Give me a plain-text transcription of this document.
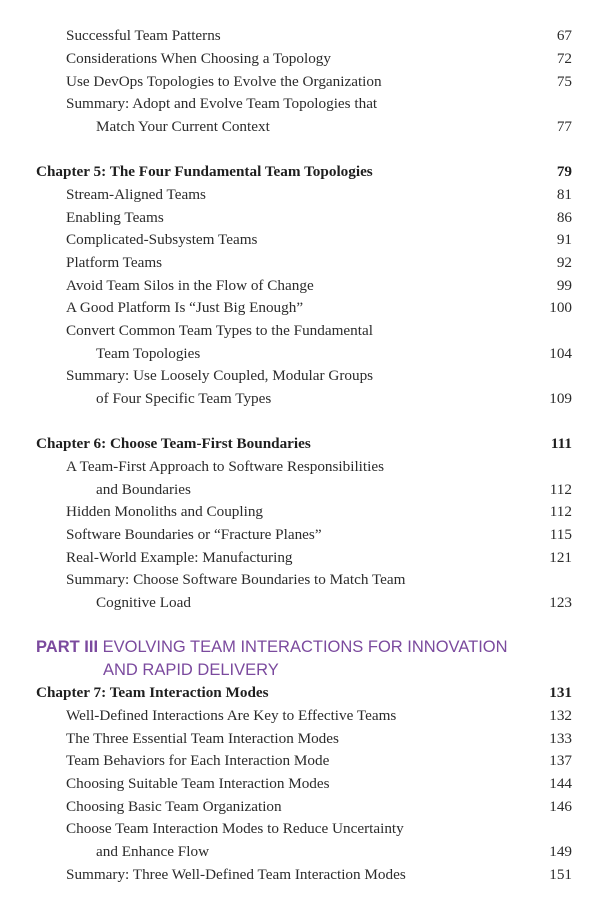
Successful Team Patterns	67
Considerations When Choosing a Topology	72
Use DevOps Topologies to Evolve the Organization	75
Summary: Adopt and Evolve Team Topologies that
Match Your Current Context	77
Chapter 5: The Four Fundamental Team Topologies	79
Stream-Aligned Teams	81
Enabling Teams	86
Complicated-Subsystem Teams	91
Platform Teams	92
Avoid Team Silos in the Flow of Change	99
A Good Platform Is “Just Big Enough”	100
Convert Common Team Types to the Fundamental
Team Topologies	104
Summary: Use Loosely Coupled, Modular Groups
of Four Specific Team Types	109
Chapter 6: Choose Team-First Boundaries	111
A Team-First Approach to Software Responsibilities
and Boundaries	112
Hidden Monoliths and Coupling	112
Software Boundaries or “Fracture Planes”	115
Real-World Example: Manufacturing	121
Summary: Choose Software Boundaries to Match Team
Cognitive Load	123
PART III EVOLVING TEAM INTERACTIONS FOR INNOVATION
AND RAPID DELIVERY
Chapter 7: Team Interaction Modes	131
Well-Defined Interactions Are Key to Effective Teams	132
The Three Essential Team Interaction Modes	133
Team Behaviors for Each Interaction Mode	137
Choosing Suitable Team Interaction Modes	144
Choosing Basic Team Organization	146
Choose Team Interaction Modes to Reduce Uncertainty
and Enhance Flow	149
Summary: Three Well-Defined Team Interaction Modes	151
